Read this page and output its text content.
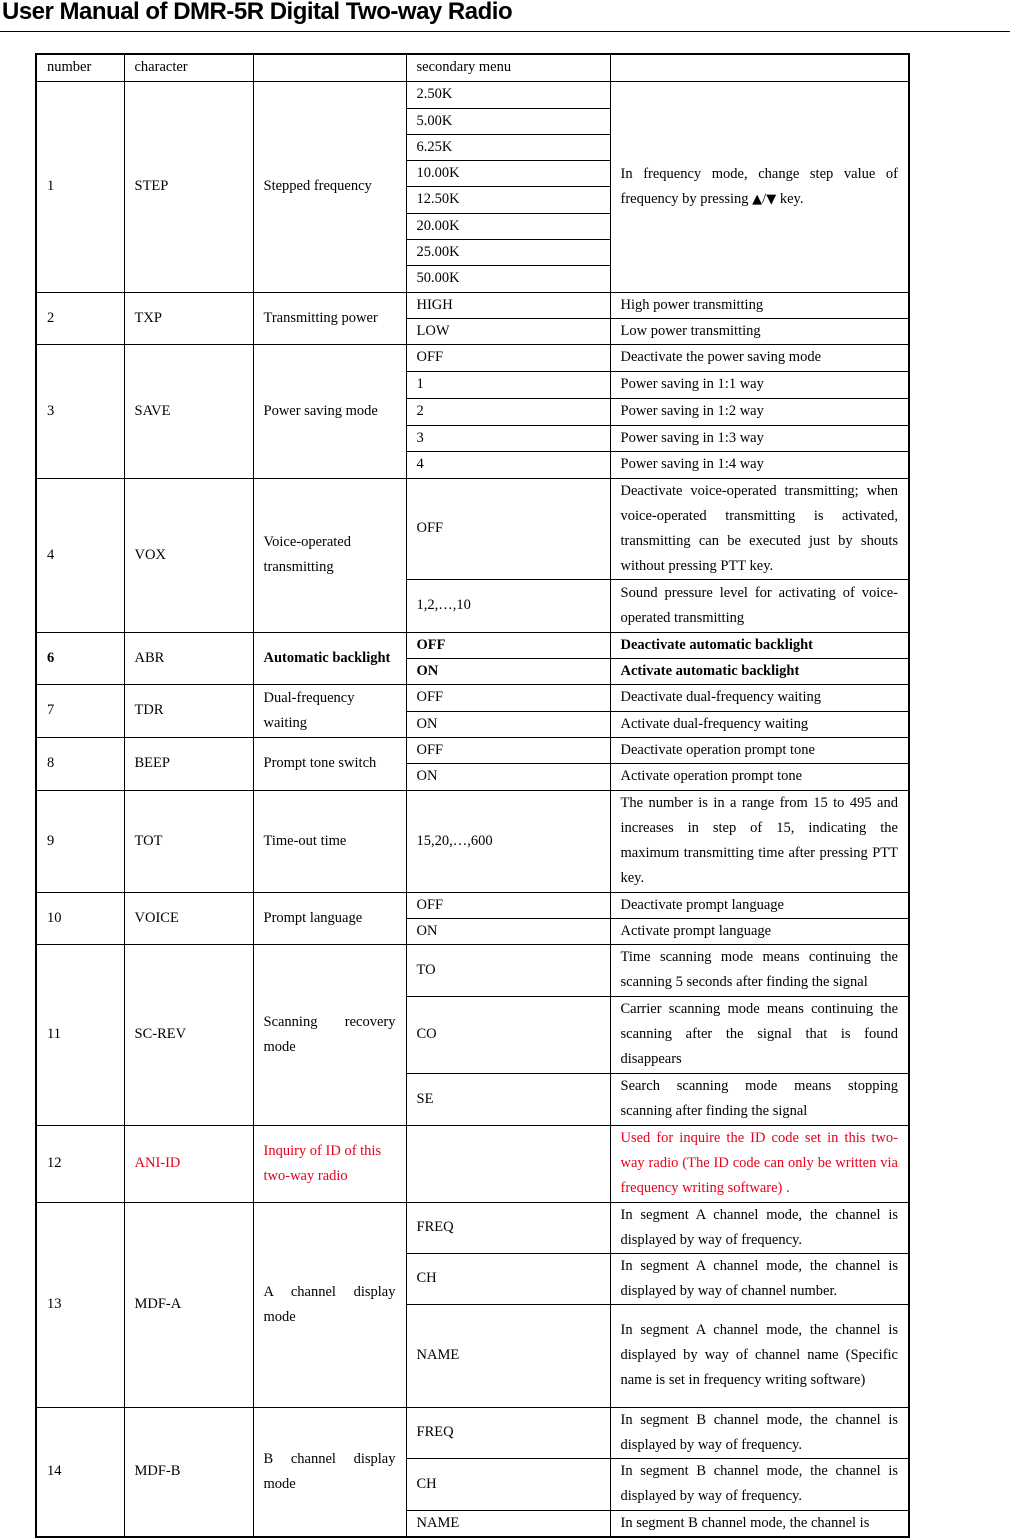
User Manual of DMR-5R Digital Two-way Radio
number	character		secondary menu	
1	STEP	Stepped frequency	2.50K	In frequency mode, change step value of frequency by pressing ▲/▼ key.
			5.00K	
			6.25K	
			10.00K	
			12.50K	
			20.00K	
			25.00K	
			50.00K	
2	TXP	Transmitting power	HIGH	High power transmitting
			LOW	Low power transmitting
3	SAVE	Power saving mode	OFF	Deactivate the power saving mode
			1	Power saving in 1:1 way
			2	Power saving in 1:2 way
			3	Power saving in 1:3 way
			4	Power saving in 1:4 way
4	VOX	Voice-operated transmitting	OFF	Deactivate voice-operated transmitting; when voice-operated transmitting is activated, transmitting can be executed just by shouts without pressing PTT key.
			1,2,…,10	Sound pressure level for activating of voice-operated transmitting
6	ABR	Automatic backlight	OFF	Deactivate automatic backlight
			ON	Activate automatic backlight
7	TDR	Dual-frequency waiting	OFF	Deactivate dual-frequency waiting
			ON	Activate dual-frequency waiting
8	BEEP	Prompt tone switch	OFF	Deactivate operation prompt tone
			ON	Activate operation prompt tone
9	TOT	Time-out time	15,20,…,600	The number is in a range from 15 to 495 and increases in step of 15, indicating the maximum transmitting time after pressing PTT key.
10	VOICE	Prompt language	OFF	Deactivate prompt language
			ON	Activate prompt language
11	SC-REV	Scanning recovery mode	TO	Time scanning mode means continuing the scanning 5 seconds after finding the signal
			CO	Carrier scanning mode means continuing the scanning after the signal that is found disappears
			SE	Search scanning mode means stopping scanning after finding the signal
12	ANI-ID	Inquiry of ID of this two-way radio		Used for inquire the ID code set in this two-way radio (The ID code can only be written via frequency writing software) .
13	MDF-A	A channel display mode	FREQ	In segment A channel mode, the channel is displayed by way of frequency.
			CH	In segment A channel mode, the channel is displayed by way of channel number.
			NAME	In segment A channel mode, the channel is displayed by way of channel name (Specific name is set in frequency writing software)
14	MDF-B	B channel display mode	FREQ	In segment B channel mode, the channel is displayed by way of frequency.
			CH	In segment B channel mode, the channel is displayed by way of frequency.
			NAME	In segment B channel mode, the channel is
